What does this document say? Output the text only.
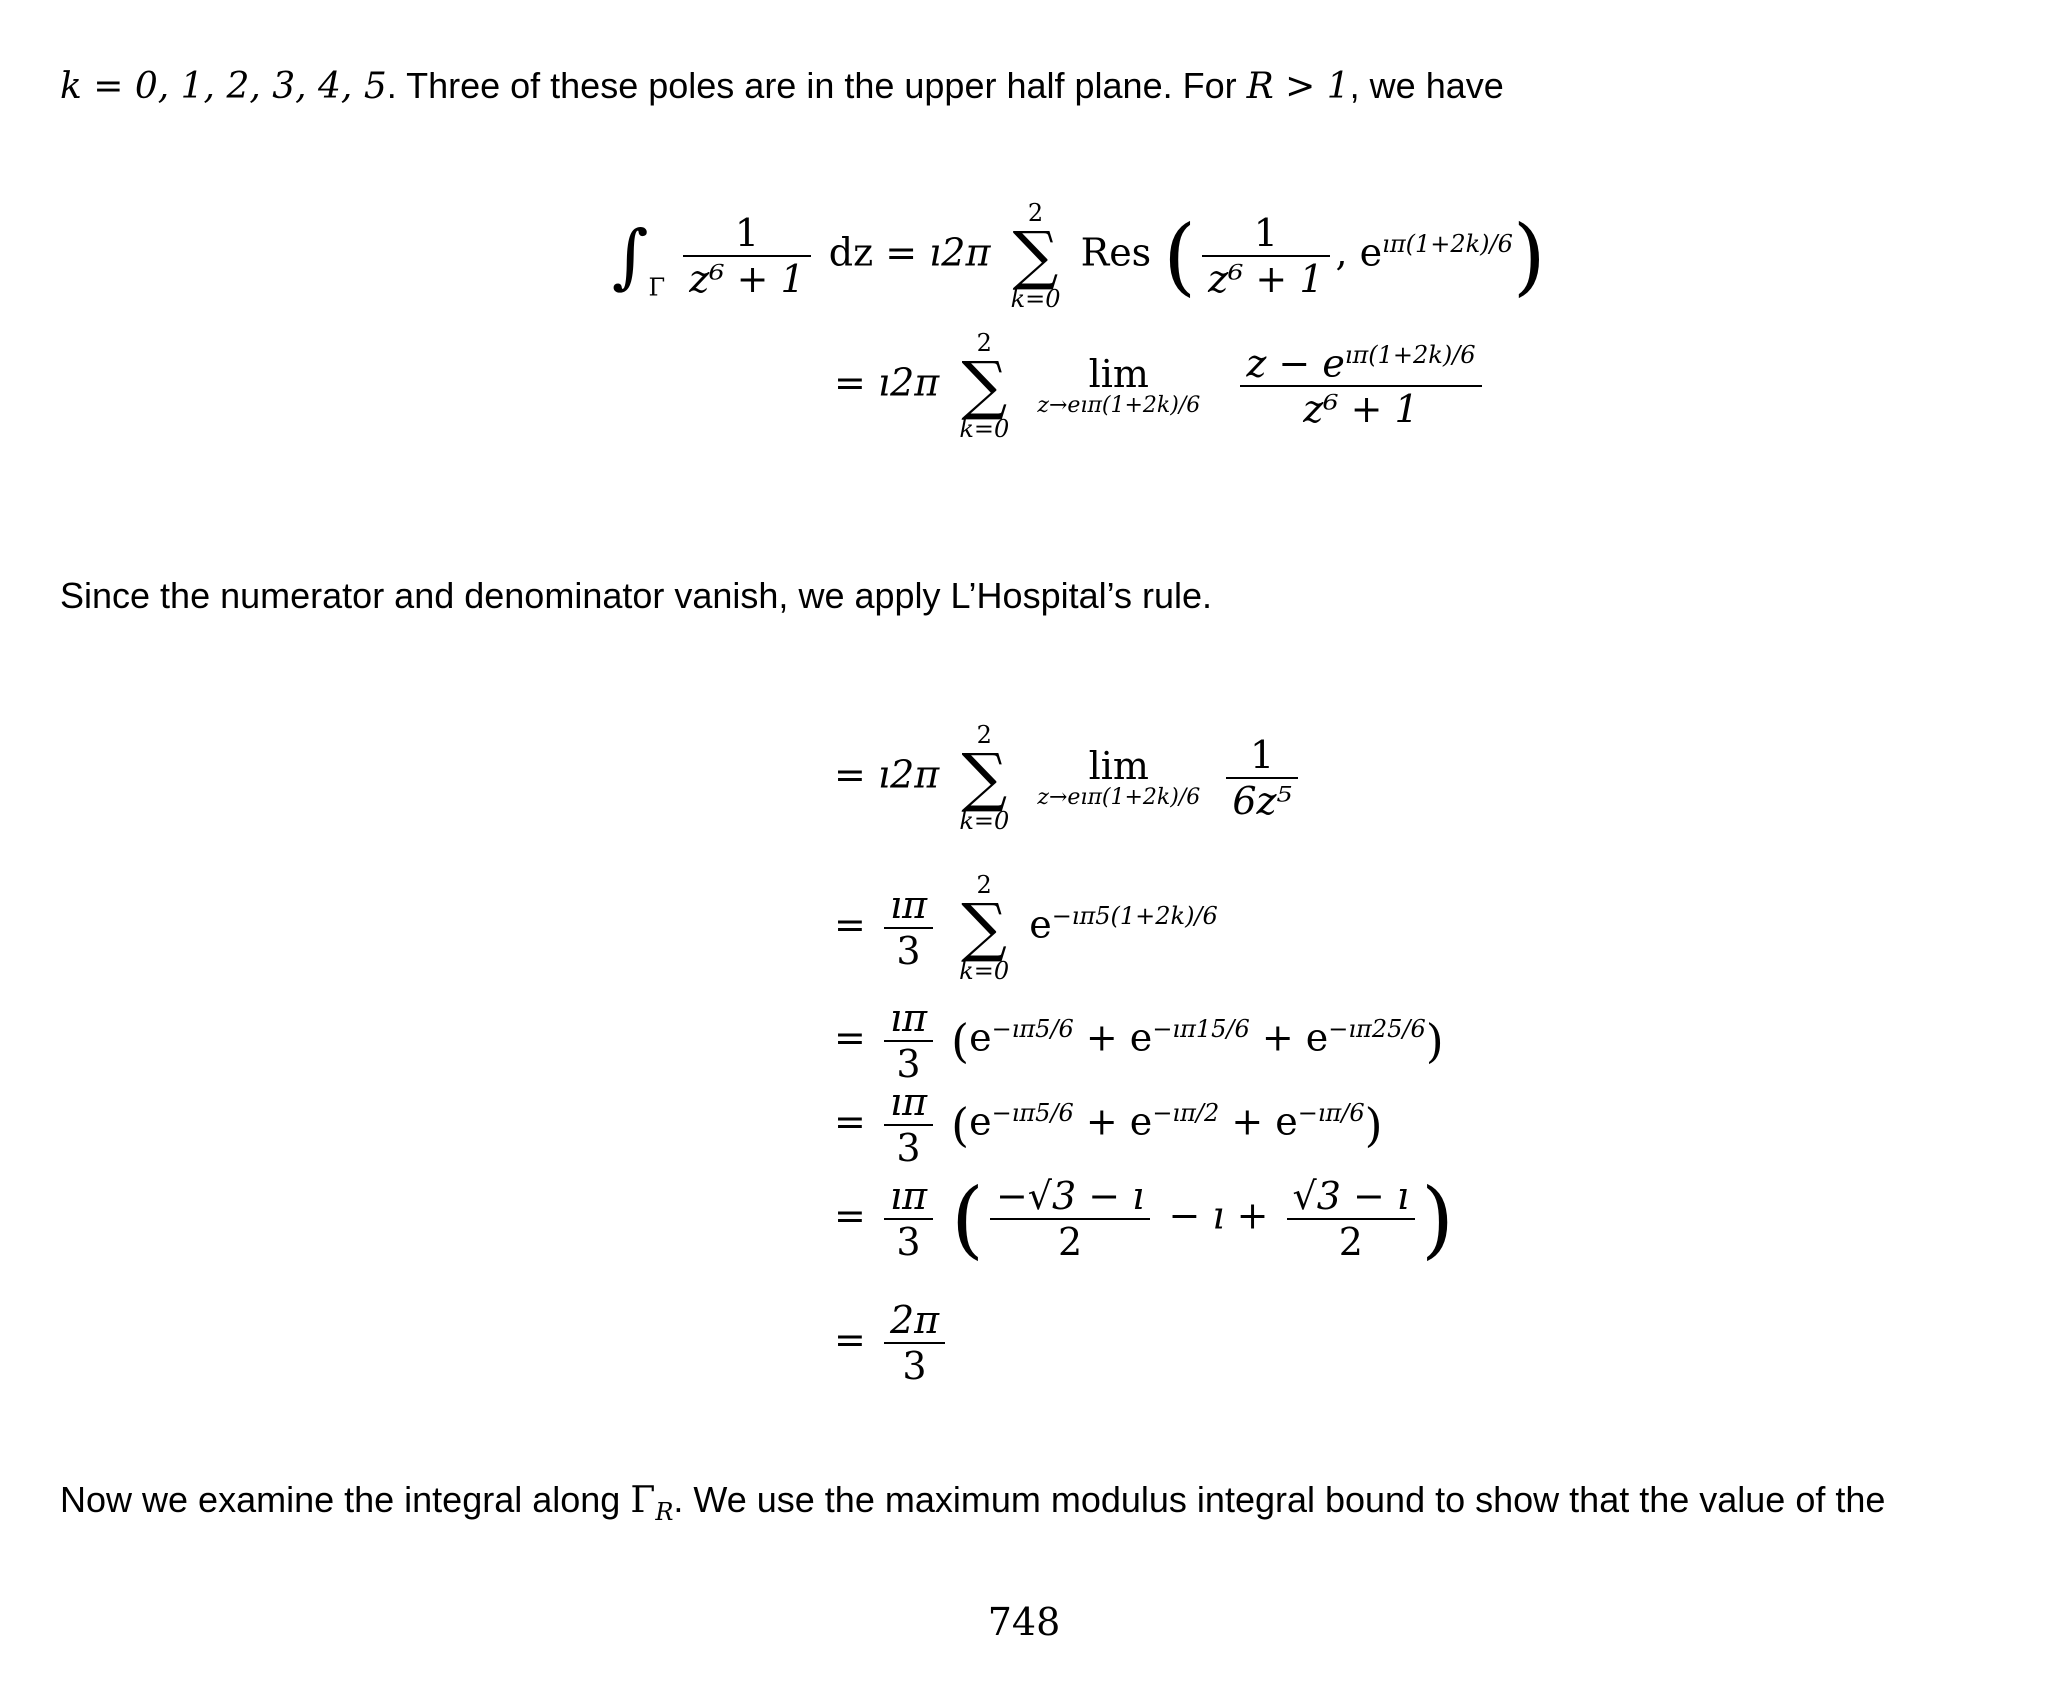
k = 0, 1, 2, 3, 4, 5. Three of these poles are in the upper half plane. For R > 1, we have
$\int_\Gamma \frac{1}{\text{z⁶ + 1}}$ dz = ı2π
2
∑
k=0
Res ( $\frac{1}{\text{z⁶ + 1}}$ , $e^{ı\pi(1+2k)/6}$)
= ı2π
2
∑
k=0

lim
z→eıπ(1+2k)/6
$\frac{z - e^{ı\pi(1+2k)/6}}{\text{z⁶ + 1}}$
Since the numerator and denominator vanish, we apply L’Hospital’s rule.
= ı2π
2
∑
k=0

lim
z→eıπ(1+2k)/6
$\frac{1}{\text{6z⁵}}$
= $\frac{ı\pi}{3}$
	2
∑
k=0
$e^{-ı\pi 5(1+2k)/6}$
= $\frac{ı\pi}{3} (e^{-ı\pi 5/6} + e^{-ı\pi 15/6} + e^{-ı\pi 25/6})$
= $\frac{ı\pi}{3} (e^{-ı\pi 5/6} + e^{-ı\pi/2} + e^{-ı\pi/6})$
= $\frac{ı\pi}{3}$ ( $\frac{-√3 - ı}{2}$ − ı + $\frac{√3 - ı}{2}$ )
= $\frac{2\pi}{3}$
Now we examine the integral along $\Gamma_R$. We use the maximum modulus integral bound to show that the value of the
748
